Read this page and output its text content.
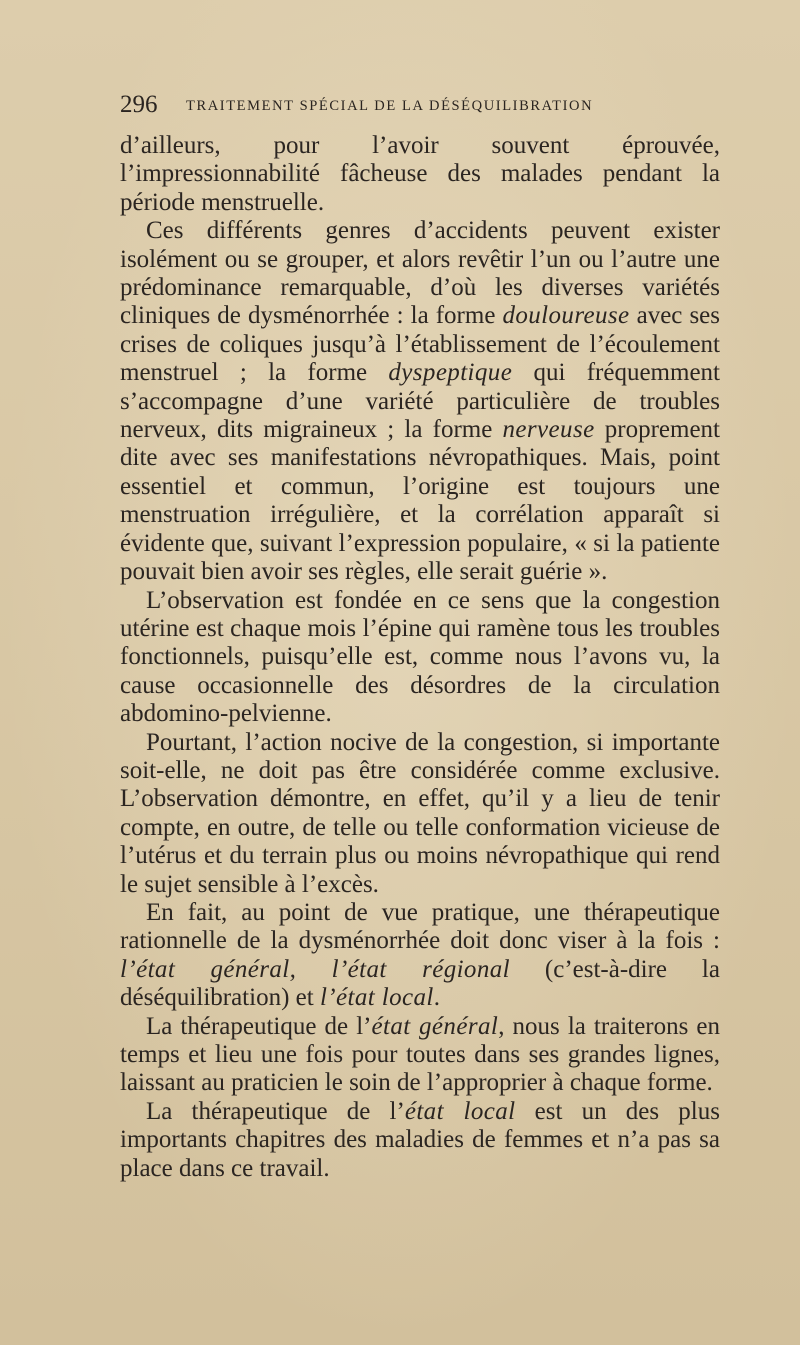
296 TRAITEMENT SPÉCIAL DE LA DÉSÉQUILIBRATION

d’ailleurs, pour l’avoir souvent éprouvée, l’impressionnabilité fâcheuse des malades pendant la période menstruelle.

Ces différents genres d’accidents peuvent exister isolément ou se grouper, et alors revêtir l’un ou l’autre une prédominance remarquable, d’où les diverses variétés cliniques de dysménorrhée : la forme douloureuse avec ses crises de coliques jusqu’à l’établissement de l’écoulement menstruel ; la forme dyspeptique qui fréquemment s’accompagne d’une variété particulière de troubles nerveux, dits migraineux ; la forme nerveuse proprement dite avec ses manifestations névropathiques. Mais, point essentiel et commun, l’origine est toujours une menstruation irrégulière, et la corrélation apparaît si évidente que, suivant l’expression populaire, « si la patiente pouvait bien avoir ses règles, elle serait guérie ».

L’observation est fondée en ce sens que la congestion utérine est chaque mois l’épine qui ramène tous les troubles fonctionnels, puisqu’elle est, comme nous l’avons vu, la cause occasionnelle des désordres de la circulation abdomino-pelvienne.

Pourtant, l’action nocive de la congestion, si importante soit-elle, ne doit pas être considérée comme exclusive. L’observation démontre, en effet, qu’il y a lieu de tenir compte, en outre, de telle ou telle conformation vicieuse de l’utérus et du terrain plus ou moins névropathique qui rend le sujet sensible à l’excès.

En fait, au point de vue pratique, une thérapeutique rationnelle de la dysménorrhée doit donc viser à la fois : l’état général, l’état régional (c’est-à-dire la déséquilibration) et l’état local.

La thérapeutique de l’état général, nous la traiterons en temps et lieu une fois pour toutes dans ses grandes lignes, laissant au praticien le soin de l’approprier à chaque forme.

La thérapeutique de l’état local est un des plus importants chapitres des maladies de femmes et n’a pas sa place dans ce travail.
